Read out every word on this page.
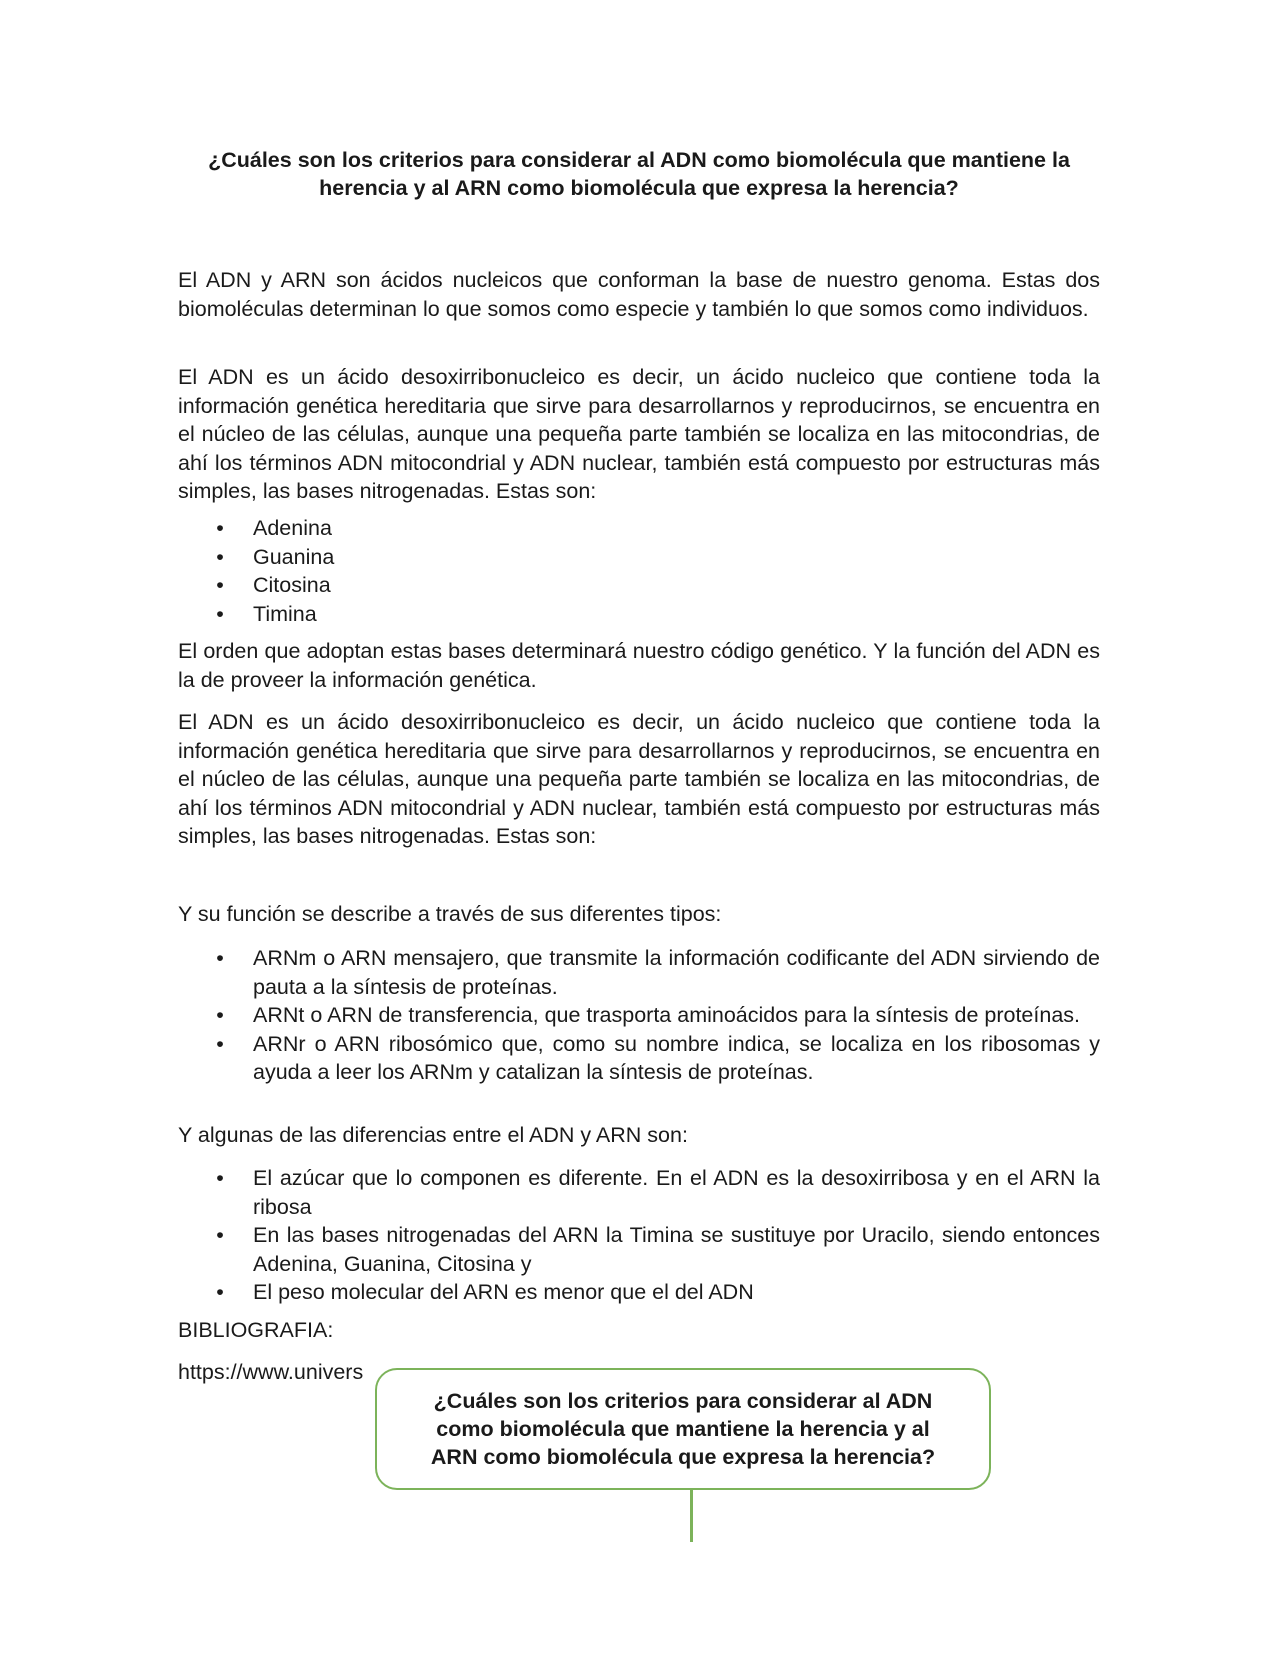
¿Cuáles son los criterios para considerar al ADN como biomolécula que mantiene la herencia y al ARN como biomolécula que expresa la herencia?

El ADN y ARN son ácidos nucleicos que conforman la base de nuestro genoma. Estas dos biomoléculas determinan lo que somos como especie y también lo que somos como individuos.

El ADN es un ácido desoxirribonucleico es decir, un ácido nucleico que contiene toda la información genética hereditaria que sirve para desarrollarnos y reproducirnos, se encuentra en el núcleo de las células, aunque una pequeña parte también se localiza en las mitocondrias, de ahí los términos ADN mitocondrial y ADN nuclear, también está compuesto por estructuras más simples, las bases nitrogenadas. Estas son:

• Adenina
• Guanina
• Citosina
• Timina

El orden que adoptan estas bases determinará nuestro código genético. Y la función del ADN es la de proveer la información genética.

El ADN es un ácido desoxirribonucleico es decir, un ácido nucleico que contiene toda la información genética hereditaria que sirve para desarrollarnos y reproducirnos, se encuentra en el núcleo de las células, aunque una pequeña parte también se localiza en las mitocondrias, de ahí los términos ADN mitocondrial y ADN nuclear, también está compuesto por estructuras más simples, las bases nitrogenadas. Estas son:

Y su función se describe a través de sus diferentes tipos:

• ARNm o ARN mensajero, que transmite la información codificante del ADN sirviendo de pauta a la síntesis de proteínas.
• ARNt o ARN de transferencia, que trasporta aminoácidos para la síntesis de proteínas.
• ARNr o ARN ribosómico que, como su nombre indica, se localiza en los ribosomas y ayuda a leer los ARNm y catalizan la síntesis de proteínas.

Y algunas de las diferencias entre el ADN y ARN son:

• El azúcar que lo componen es diferente. En el ADN es la desoxirribosa y en el ARN la ribosa
• En las bases nitrogenadas del ARN la Timina se sustituye por Uracilo, siendo entonces Adenina, Guanina, Citosina y
• El peso molecular del ARN es menor que el del ADN

BIBLIOGRAFIA:

https://www.univers

¿Cuáles son los criterios para considerar al ADN como biomolécula que mantiene la herencia y al ARN como biomolécula que expresa la herencia?
